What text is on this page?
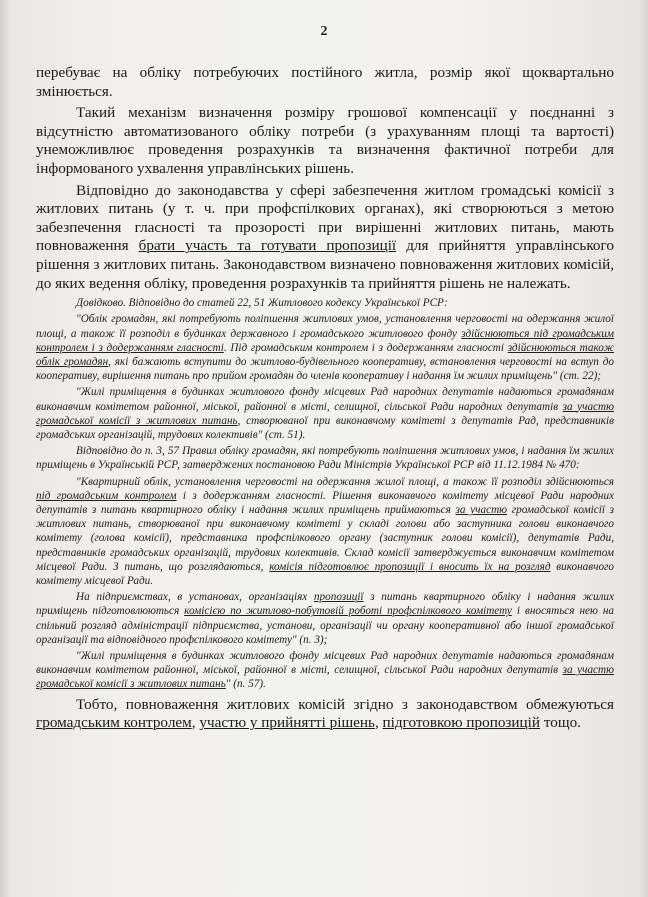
2

перебуває на обліку потребуючих постійного житла, розмір якої щоквартально змінюється.

Такий механізм визначення розміру грошової компенсації у поєднанні з відсутністю автоматизованого обліку потреби (з урахуванням площі та вартості) унеможливлює проведення розрахунків та визначення фактичної потреби для інформованого ухвалення управлінських рішень.

Відповідно до законодавства у сфері забезпечення житлом громадські комісії з житлових питань (у т. ч. при профспілкових органах), які створюються з метою забезпечення гласності та прозорості при вирішенні житлових питань, мають повноваження брати участь та готувати пропозиції для прийняття управлінського рішення з житлових питань. Законодавством визначено повноваження житлових комісій, до яких ведення обліку, проведення розрахунків та прийняття рішень не належать.

Довідково. Відповідно до статей 22, 51 Житлового кодексу Української РСР:

"Облік громадян, які потребують поліпшення житлових умов, установлення черговості на одержання жилої площі, а також її розподіл в будинках державного і громадського житлового фонду здійснюються під громадським контролем і з додержанням гласності. Під громадським контролем і з додержанням гласності здійснюються також облік громадян, які бажають вступити до житлово-будівельного кооперативу, встановлення черговості на вступ до кооперативу, вирішення питань про прийом громадян до членів кооперативу і надання їм жилих приміщень" (ст. 22);

"Жилі приміщення в будинках житлового фонду місцевих Рад народних депутатів надаються громадянам виконавчим комітетом районної, міської, районної в місті, селищної, сільської Ради народних депутатів за участю громадської комісії з житлових питань, створюваної при виконавчому комітеті з депутатів Рад, представників громадських організацій, трудових колективів" (ст. 51).

Відповідно до п. 3, 57 Правил обліку громадян, які потребують поліпшення житлових умов, і надання їм жилих приміщень в Українській РСР, затверджених постановою Ради Міністрів Української РСР від 11.12.1984 № 470:

"Квартирний облік, установлення черговості на одержання жилої площі, а також її розподіл здійснюються під громадським контролем і з додержанням гласності. Рішення виконавчого комітету місцевої Ради народних депутатів з питань квартирного обліку і надання жилих приміщень приймаються за участю громадської комісії з житлових питань, створюваної при виконавчому комітеті у складі голови або заступника голови виконавчого комітету (голова комісії), представника профспілкового органу (заступник голови комісії), депутатів Ради, представників громадських організацій, трудових колективів. Склад комісії затверджується виконавчим комітетом місцевої Ради. З питань, що розглядаються, комісія підготовлює пропозиції і вносить їх на розгляд виконавчого комітету місцевої Ради.

На підприємствах, в установах, організаціях пропозиції з питань квартирного обліку і надання жилих приміщень підготовлюються комісією по житлово-побутовій роботі профспілкового комітету і вносяться нею на спільний розгляд адміністрації підприємства, установи, організації чи органу кооперативної або іншої громадської організації та відповідного профспілкового комітету" (п. 3);

"Жилі приміщення в будинках житлового фонду місцевих Рад народних депутатів надаються громадянам виконавчим комітетом районної, міської, районної в місті, селищної, сільської Ради народних депутатів за участю громадської комісії з житлових питань" (п. 57).

Тобто, повноваження житлових комісій згідно з законодавством обмежуються громадським контролем, участю у прийнятті рішень, підготовкою пропозицій тощо.
